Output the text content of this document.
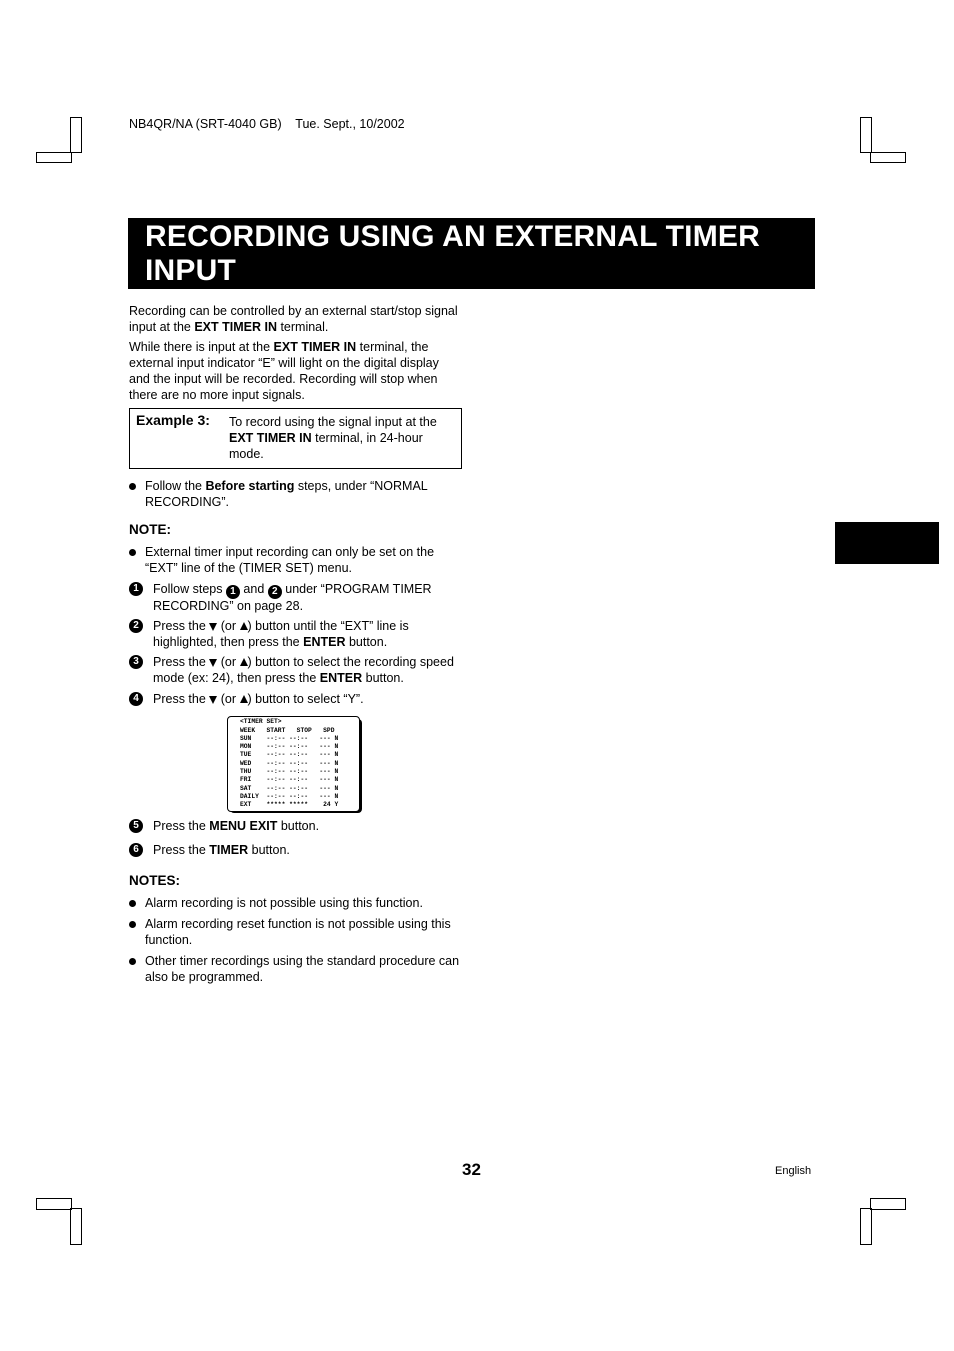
NB4QR/NA (SRT-4040 GB)    Tue. Sept., 10/2002
RECORDING USING AN EXTERNAL TIMER
INPUT
Recording can be controlled by an external start/stop signal input at the EXT TIMER IN terminal.
While there is input at the EXT TIMER IN terminal, the external input indicator “E” will light on the digital display and the input will be recorded. Recording will stop when there are no more input signals.
Example 3: To record using the signal input at the EXT TIMER IN terminal, in 24-hour mode.
Follow the Before starting steps, under “NORMAL RECORDING”.
NOTE:
External timer input recording can only be set on the “EXT” line of the (TIMER SET) menu.
1	Follow steps 1 and 2 under “PROGRAM TIMER RECORDING” on page 28.
2	Press the  (or ) button until the “EXT” line is highlighted, then press the ENTER button.
3	Press the  (or ) button to select the recording speed mode (ex: 24), then press the ENTER button.
4	Press the  (or ) button to select “Y”.
<TIMER SET>
WEEK   START   STOP   SPD
SUN    --:-- --:--   --- N
MON    --:-- --:--   --- N
TUE    --:-- --:--   --- N
WED    --:-- --:--   --- N
THU    --:-- --:--   --- N
FRI    --:-- --:--   --- N
SAT    --:-- --:--   --- N
DAILY  --:-- --:--   --- N
EXT    ***** *****    24 Y
5	Press the MENU EXIT button.
6	Press the TIMER button.
NOTES:
Alarm recording is not possible using this function.
Alarm recording reset function is not possible using this function.
Other timer recordings using the standard procedure can also be programmed.
32	English
